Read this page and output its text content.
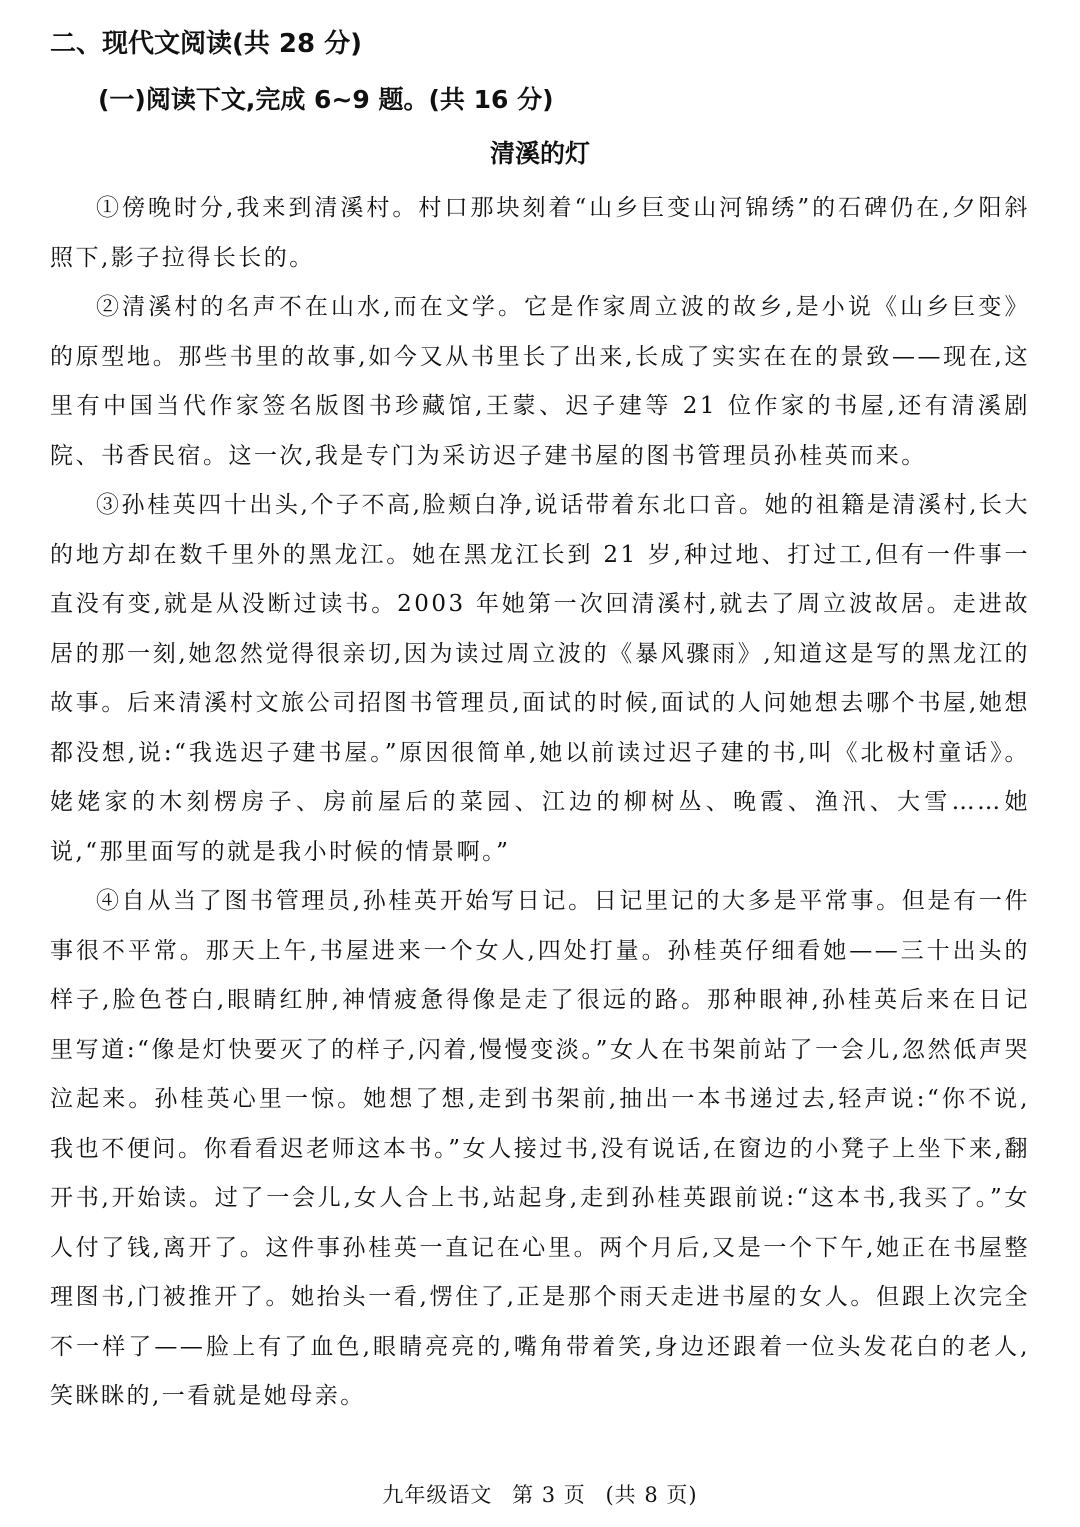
二、现代文阅读(共 28 分)
(一)阅读下文,完成 6~9 题。(共 16 分)
清溪的灯

①傍晚时分,我来到清溪村。村口那块刻着“山乡巨变山河锦绣”的石碑仍在,夕阳斜照下,影子拉得长长的。

②清溪村的名声不在山水,而在文学。它是作家周立波的故乡,是小说《山乡巨变》的原型地。那些书里的故事,如今又从书里长了出来,长成了实实在在的景致——现在,这里有中国当代作家签名版图书珍藏馆,王蒙、迟子建等 21 位作家的书屋,还有清溪剧院、书香民宿。这一次,我是专门为采访迟子建书屋的图书管理员孙桂英而来。

③孙桂英四十出头,个子不高,脸颊白净,说话带着东北口音。她的祖籍是清溪村,长大的地方却在数千里外的黑龙江。她在黑龙江长到 21 岁,种过地、打过工,但有一件事一直没有变,就是从没断过读书。2003 年她第一次回清溪村,就去了周立波故居。走进故居的那一刻,她忽然觉得很亲切,因为读过周立波的《暴风骤雨》,知道这是写的黑龙江的故事。后来清溪村文旅公司招图书管理员,面试的时候,面试的人问她想去哪个书屋,她想都没想,说:“我选迟子建书屋。”原因很简单,她以前读过迟子建的书,叫《北极村童话》。姥姥家的木刻楞房子、房前屋后的菜园、江边的柳树丛、晚霞、渔汛、大雪……她说,“那里面写的就是我小时候的情景啊。”

④自从当了图书管理员,孙桂英开始写日记。日记里记的大多是平常事。但是有一件事很不平常。那天上午,书屋进来一个女人,四处打量。孙桂英仔细看她——三十出头的样子,脸色苍白,眼睛红肿,神情疲惫得像是走了很远的路。那种眼神,孙桂英后来在日记里写道:“像是灯快要灭了的样子,闪着,慢慢变淡。”女人在书架前站了一会儿,忽然低声哭泣起来。孙桂英心里一惊。她想了想,走到书架前,抽出一本书递过去,轻声说:“你不说,我也不便问。你看看迟老师这本书。”女人接过书,没有说话,在窗边的小凳子上坐下来,翻开书,开始读。过了一会儿,女人合上书,站起身,走到孙桂英跟前说:“这本书,我买了。”女人付了钱,离开了。这件事孙桂英一直记在心里。两个月后,又是一个下午,她正在书屋整理图书,门被推开了。她抬头一看,愣住了,正是那个雨天走进书屋的女人。但跟上次完全不一样了——脸上有了血色,眼睛亮亮的,嘴角带着笑,身边还跟着一位头发花白的老人,笑眯眯的,一看就是她母亲。

九年级语文 第 3 页 (共 8 页)
